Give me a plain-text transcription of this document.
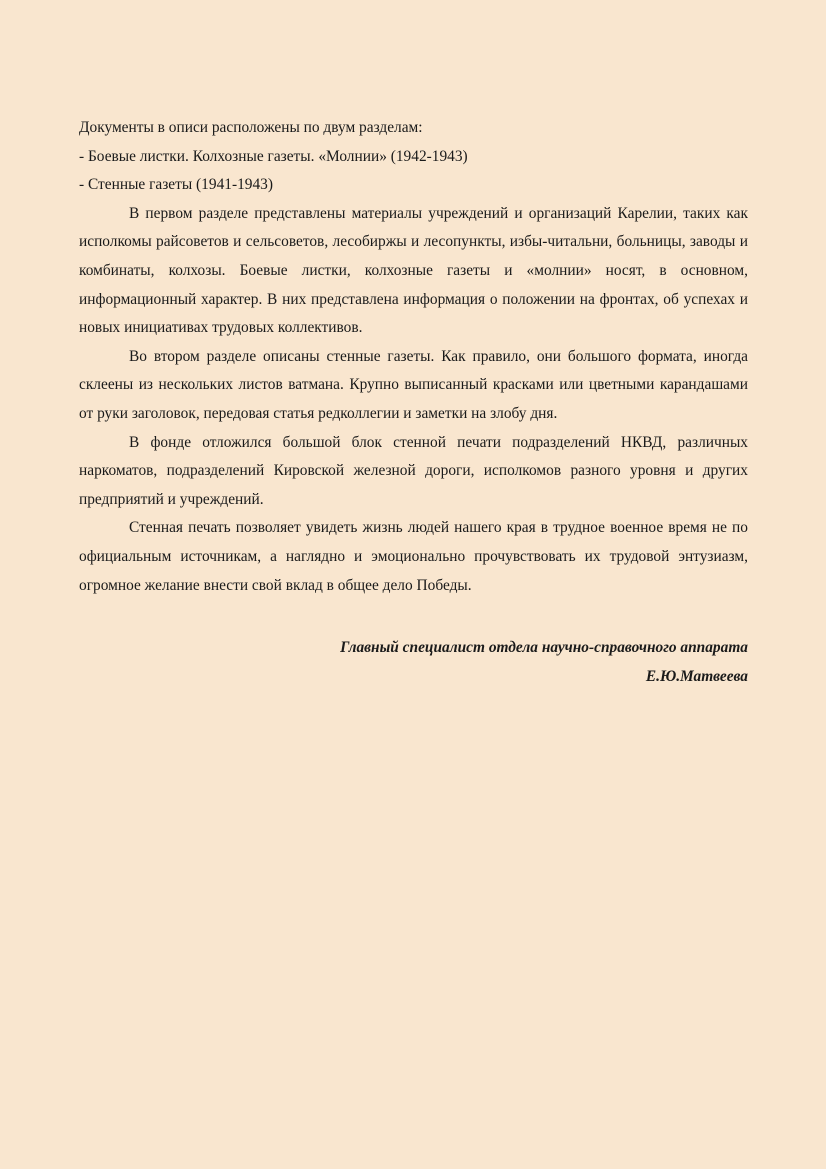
Документы в описи расположены по двум разделам:

- Боевые листки. Колхозные газеты. «Молнии» (1942-1943)

- Стенные газеты (1941-1943)

В первом разделе представлены материалы учреждений и организаций Карелии, таких как исполкомы райсоветов и сельсоветов, лесобиржы и лесопункты, избы-читальни, больницы, заводы и комбинаты, колхозы. Боевые листки, колхозные газеты и «молнии» носят, в основном, информационный характер. В них представлена информация о положении на фронтах, об успехах и новых инициативах трудовых коллективов.

Во втором разделе описаны стенные газеты. Как правило, они большого формата, иногда склеены из нескольких листов ватмана. Крупно выписанный красками или цветными карандашами от руки заголовок, передовая статья редколлегии и заметки на злобу дня.

В фонде отложился большой блок стенной печати подразделений НКВД, различных наркоматов, подразделений Кировской железной дороги, исполкомов разного уровня и других предприятий и учреждений.

Стенная печать позволяет увидеть жизнь людей нашего края в трудное военное время не по официальным источникам, а наглядно и эмоционально прочувствовать их трудовой энтузиазм, огромное желание внести свой вклад в общее дело Победы.

Главный специалист отдела научно-справочного аппарата

Е.Ю.Матвеева
